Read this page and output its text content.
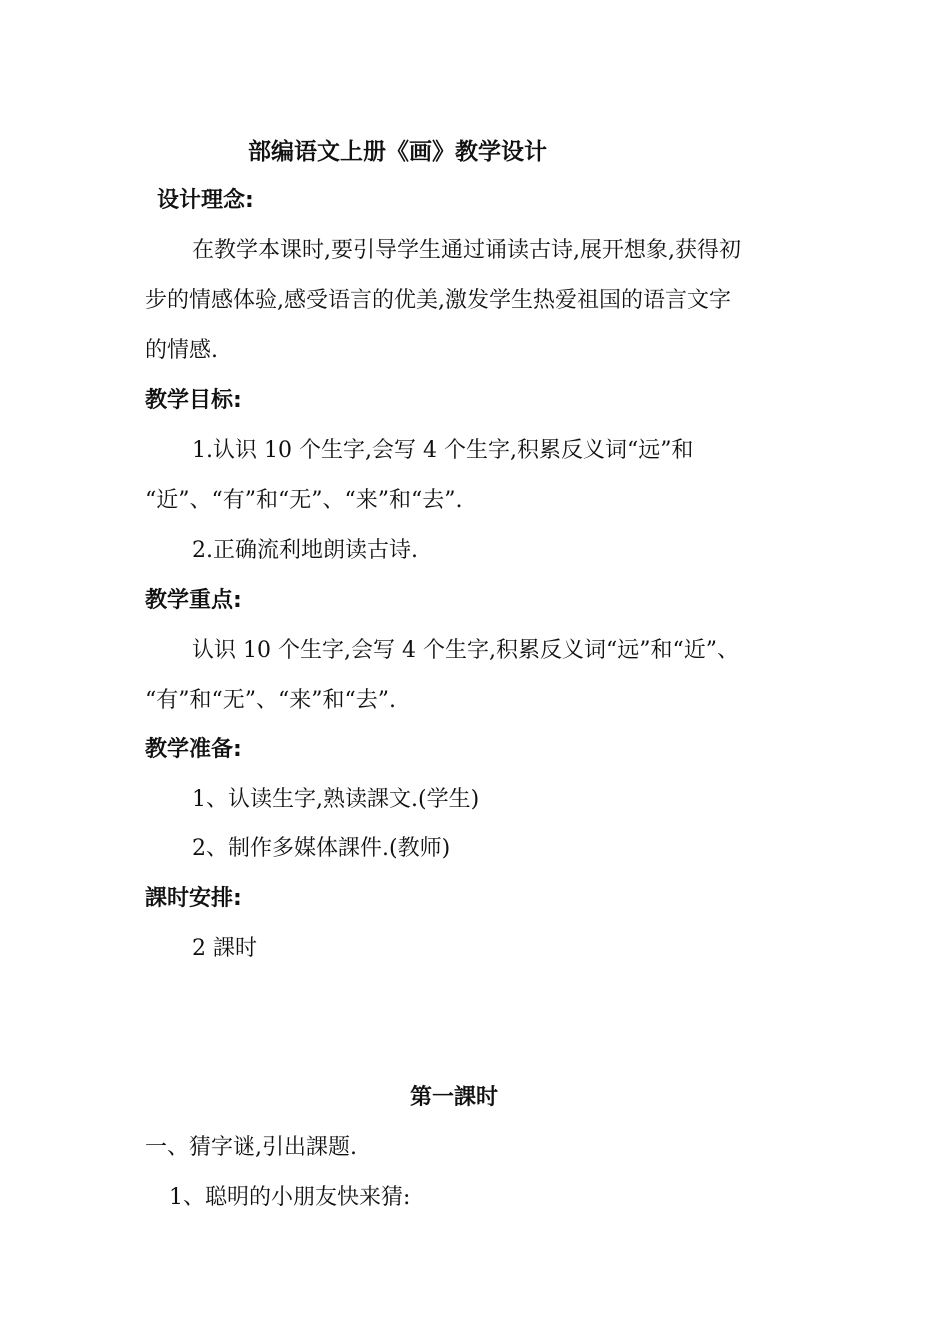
部编语文上册《画》教学设计
设计理念:
在教学本课时,要引导学生通过诵读古诗,展开想象,获得初
步的情感体验,感受语言的优美,激发学生热爱祖国的语言文字
的情感.
教学目标:
1.认识 10 个生字,会写 4 个生字,积累反义词“远”和
“近”、“有”和“无”、“来”和“去”.
2.正确流利地朗读古诗.
教学重点:
认识 10 个生字,会写 4 个生字,积累反义词“远”和“近”、
“有”和“无”、“来”和“去”.
教学准备:
1、认读生字,熟读課文.(学生)
2、制作多媒体課件.(教师)
課时安排:
2 課时
第一課时
一、猜字谜,引出課题.
1、聪明的小朋友快来猜:
